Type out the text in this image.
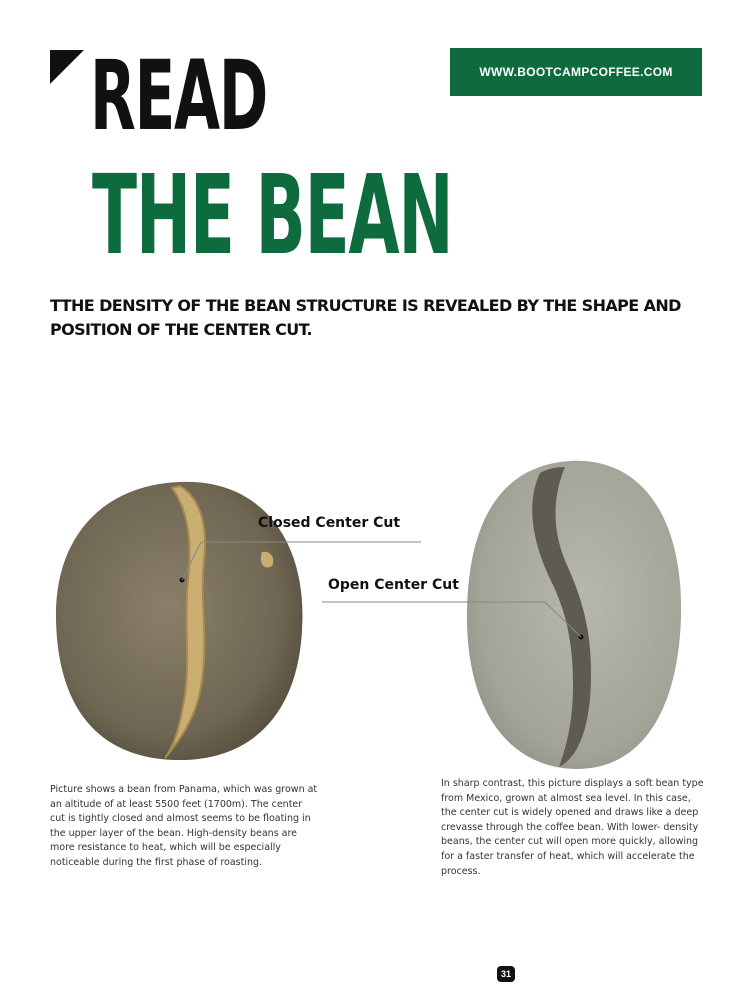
READ
THE BEAN
WWW.BOOTCAMPCOFFEE.COM
TTHE DENSITY OF THE BEAN STRUCTURE IS REVEALED BY THE SHAPE AND POSITION OF THE CENTER CUT.

Closed Center Cut

Open Center Cut

Picture shows a bean from Panama, which was grown at an altitude of at least 5500 feet (1700m). The center cut is tightly closed and almost seems to be floating in the upper layer of the bean. High-density beans are more resistance to heat, which will be especially noticeable during the first phase of roasting.

In sharp contrast, this picture displays a soft bean type from Mexico, grown at almost sea level. In this case, the center cut is widely opened and draws like a deep crevasse through the coffee bean. With lower- density beans, the center cut will open more quickly, allowing for a faster transfer of heat, which will accelerate the process.

31
